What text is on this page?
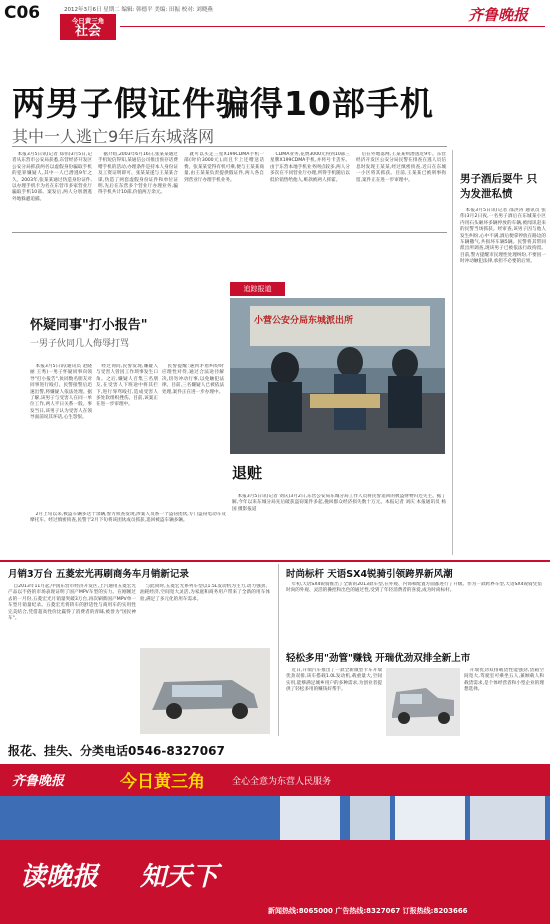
C06	2012年3月6日 星期二 编辑: 韩德平 美编: 田振 校对: 刘晓燕
今日黄三角
社会
齐鲁晚报
两男子假证件骗得10部手机
其中一人逃亡9年后东城落网

本报3月5日讯(记者 郑伟)3月5日,记者从东营市公安局获悉,东营经济开发区公安分局抓获两名以虚假身份骗取手机的犯罪嫌疑人,其中一人已潜逃9年之久。2003年,张某某通过伪造身份证件,以办理手机卡为名在东营市多家营业厅骗取手机10部。案发后,两人分别潜逃外地躲避追捕。

据介绍,2003年6月16日,张某某通过手机短信得知,某通信公司推出预存话费赠手机的活动,办理条件是持本人身份证及工资证明即可。张某某遂与王某某合谋,伪造了两套虚假身份证件和单位证明,先后在东营多个营业厅办理业务,骗得手机共计10部,价值两万余元。

就可以买走三星X199CDMA手机一部(时价3000元),而且卡上还赠送话费。张某某觉得有机可乘,便与王某某商量,由王某某负责提供假证件,两人各自到营业厅办理手机业务。

CDMA业务,花费3000元得到10部三星牌X199CDMA手机,并将号卡丢弃。由于东营本地手机业务网点较多,两人分多次在不同营业厅办理,所得手机随后以低价销售给他人,赃款被两人挥霍。

后在外地落网,王某某则潜逃近9年。东营经济开发区公安分局民警在排查在逃人员信息时发现王某某,经过缜密侦查,近日在东城一小区将其抓获。目前,王某某已被刑事拘留,案件正在进一步审理中。	男子酒后耍牛 只为发泄私愤

本报3月5日讯(记者 邵洪涛 通讯员 张伟)3月2日夜,一名男子酒后在东城某小区内用石头砸坏多辆停放的车辆,被闻讯赶来的民警当场抓获。经审查,该男子因与他人发生纠纷,心中不满,酒后便拿停放在路边的车辆撒气,共损坏车辆5辆。民警将其带回派出所调查,现该男子已被依法行政拘留。目前,警方提醒市民理性处理纠纷,不要因一时冲动触犯法律,承担不必要的后果。

怀疑同事"打小报告"
一男子伙同几人侮辱打骂

本报3月5日讯(通讯员 赵晓丽 王秀)一男子怀疑同事向领导"打小报告",伙同数名朋友对同事进行殴打。民警接警后迅速出警,将嫌疑人依法处理。据了解,该男子与受害人在同一单位工作,两人平日关系一般。事发当日,该男子认为受害人在领导面前说其坏话,心生怨恨。

经过询问,民警发现,嫌疑人与受害人曾因工作琐事发生口角。之后,嫌疑人召集三名朋友,在受害人下班途中将其拦下,进行辱骂殴打,造成受害人多处软组织挫伤。目前,该案正在进一步审理中。

民警提醒:遇到矛盾纠纷时应理性对待,通过合法途径解决,切勿冲动行事,以免触犯法律。目前,三名嫌疑人已被依法处理,案件正在进一步办理中。

追踪报道
小营公安分局东城派出所
退赃

本报3月5日讯(记者 刘庆)3月2日,东营公安局东城分局工作人员将民警追回的被盗财物归还失主。据了解,今年以来东城分局先后破获盗窃案件多起,挽回群众经济损失数十万元。本报记者 刘庆 本报通讯员 杨国 摄影报道

2月上旬以来,被盗车辆多达十余辆,警方侦查发现,涉案人员系一个盗窃团伙,专门盗窃电动车及摩托车。经过缜密侦查,民警于2月下旬将该团伙成员抓获,追回被盗车辆多辆。

月销3万台 五菱宏光再刷商务车月销新记录

自2013年11月起,中国东营市经济开发区,上汽通用五菱宏光产品以不俗的市场表现证明了国产MPV车型的实力。在刚刚过去的一月份,五菱宏光月销量突破3万台,再次刷新国产MPV单一车型月销量纪录。五菱宏光将轿车的舒适性与商用车的实用性完美结合,凭借超高性价比赢得了消费者的青睐,被誉为"国民神车"。

与此同时,五菱宏光系列车型以1.5L发动机为主力,动力强劲、油耗经济,空间宽大灵活,为家庭和商务用户带来了全新的用车体验,满足了多元化的用车需求。

时尚标杆 天语SX4锐骑引领跨界新风潮

年初,天语SX4锐骑推出了全新的2013款车型,在外观、内饰和配置方面都进行了升级。作为一款跨界车型,天语SX4锐骑凭借时尚的外观、灵活的操控和出色的通过性,受到了年轻消费者的喜爱,成为时尚标杆。

轻松多用"劲管"赚钱 开瑞优劲双排全新上市

近日,开瑞汽车推出了一款全新微型卡车开瑞优劲双排,该车搭载1.0L发动机,载重量大,空间实用,能够满足城乡用户的多种需求,为创业者提供了轻松多用的赚钱好帮手。

开瑞优劲双排载货性能强劲,货箱空间宽大,驾驶室可乘坐五人,兼顾载人和载货需求,是个体经营者和小型企业的理想选择。

报花、挂失、分类电话0546-8327067
齐鲁晚报	今日黄三角	全心全意为东营人民服务
读晚报 知天下
新闻热线:8065000 广告热线:8327067 订报热线:8203666
